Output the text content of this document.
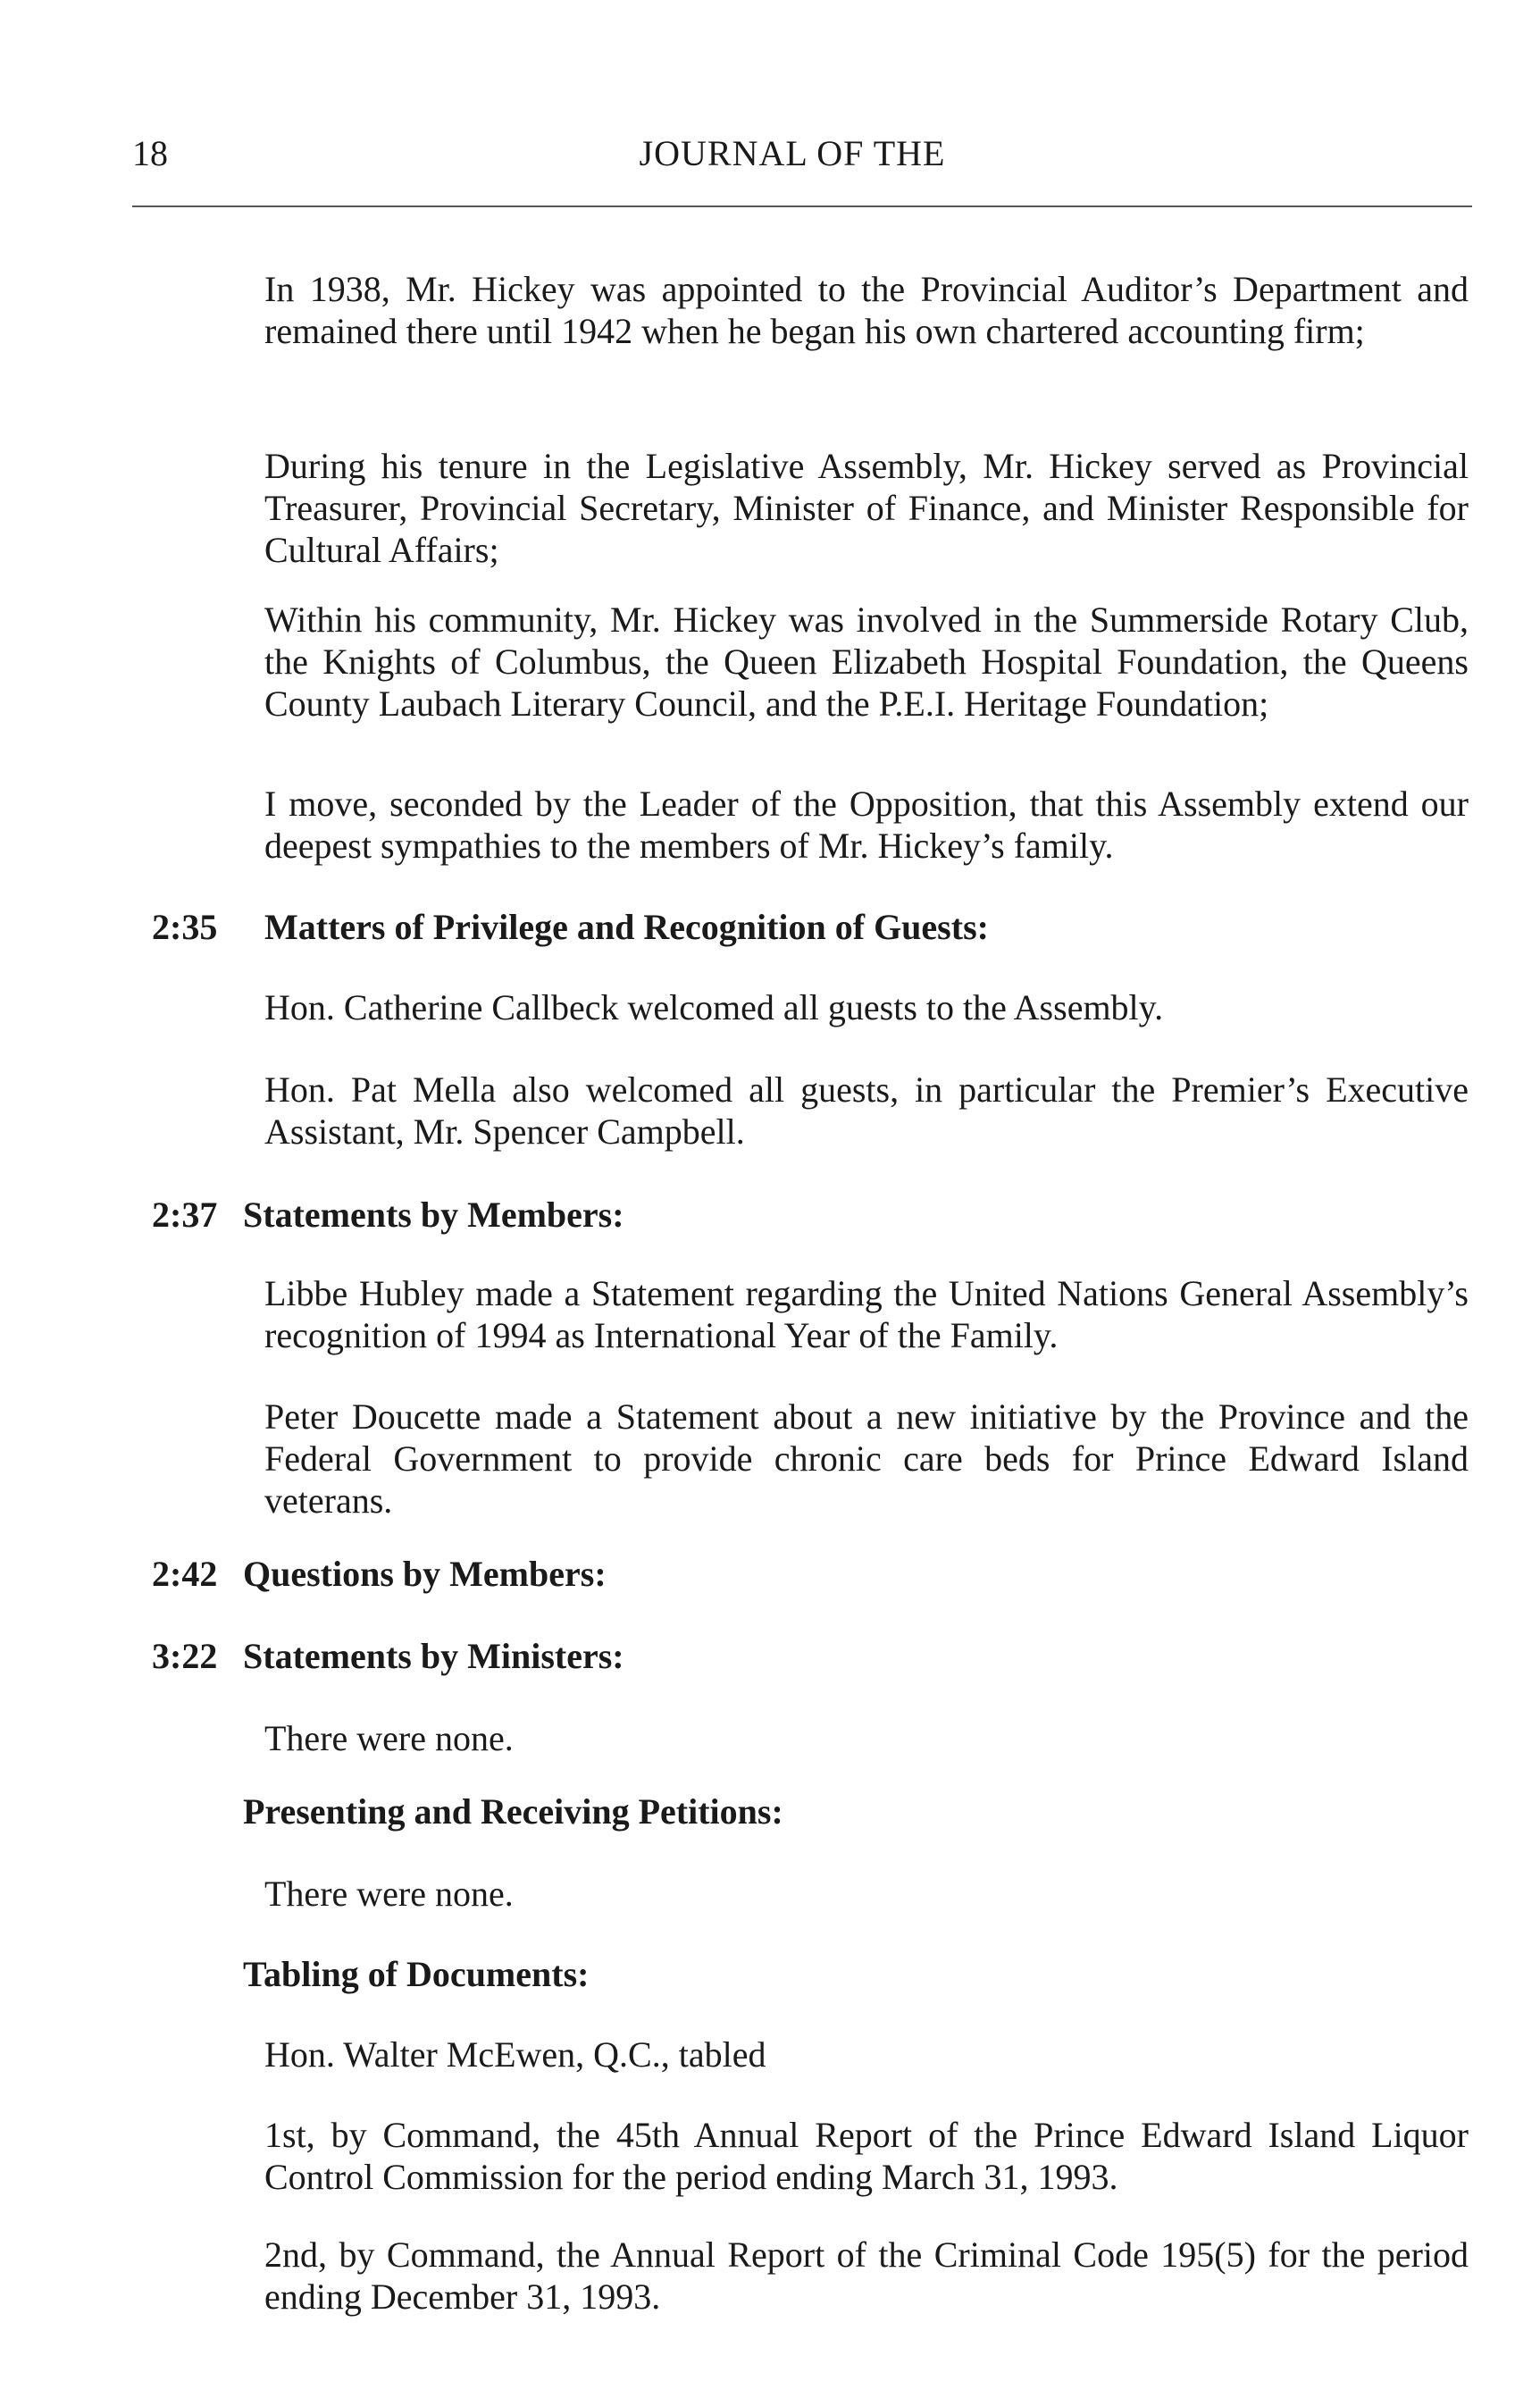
18	JOURNAL OF THE

In 1938, Mr. Hickey was appointed to the Provincial Auditor’s Department and remained there until 1942 when he began his own chartered accounting firm;

During his tenure in the Legislative Assembly, Mr. Hickey served as Provincial Treasurer, Provincial Secretary, Minister of Finance, and Minister Responsible for Cultural Affairs;

Within his community, Mr. Hickey was involved in the Summerside Rotary Club, the Knights of Columbus, the Queen Elizabeth Hospital Foundation, the Queens County Laubach Literary Council, and the P.E.I. Heritage Foundation;

I move, seconded by the Leader of the Opposition, that this Assembly extend our deepest sympathies to the members of Mr. Hickey’s family.

2:35	Matters of Privilege and Recognition of Guests:

Hon. Catherine Callbeck welcomed all guests to the Assembly.

Hon. Pat Mella also welcomed all guests, in particular the Premier’s Executive Assistant, Mr. Spencer Campbell.

2:37 Statements by Members:

Libbe Hubley made a Statement regarding the United Nations General Assembly’s recognition of 1994 as International Year of the Family.

Peter Doucette made a Statement about a new initiative by the Province and the Federal Government to provide chronic care beds for Prince Edward Island veterans.

2:42 Questions by Members:
3:22 Statements by Ministers:

There were none.

Presenting and Receiving Petitions:

There were none.

Tabling of Documents:

Hon. Walter McEwen, Q.C., tabled

1st, by Command, the 45th Annual Report of the Prince Edward Island Liquor Control Commission for the period ending March 31, 1993.

2nd, by Command, the Annual Report of the Criminal Code 195(5) for the period ending December 31, 1993.
